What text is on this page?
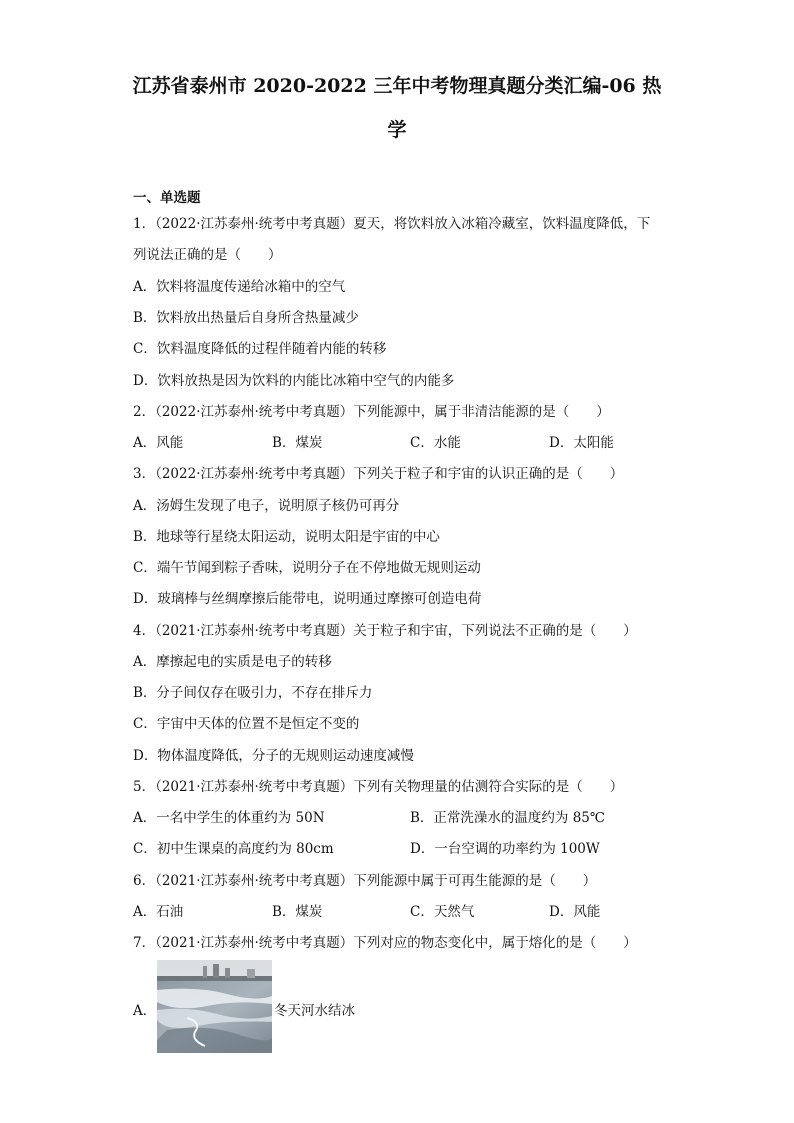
江苏省泰州市 2020-2022 三年中考物理真题分类汇编-06 热
学
一、单选题
1．（2022·江苏泰州·统考中考真题）夏天，将饮料放入冰箱冷藏室，饮料温度降低，下
列说法正确的是（　　）
A．饮料将温度传递给冰箱中的空气
B．饮料放出热量后自身所含热量减少
C．饮料温度降低的过程伴随着内能的转移
D．饮料放热是因为饮料的内能比冰箱中空气的内能多
2．（2022·江苏泰州·统考中考真题）下列能源中，属于非清洁能源的是（　　）
A．风能	B．煤炭	C．水能	D．太阳能
3．（2022·江苏泰州·统考中考真题）下列关于粒子和宇宙的认识正确的是（　　）
A．汤姆生发现了电子，说明原子核仍可再分
B．地球等行星绕太阳运动，说明太阳是宇宙的中心
C．端午节闻到粽子香味，说明分子在不停地做无规则运动
D．玻璃棒与丝绸摩擦后能带电，说明通过摩擦可创造电荷
4．（2021·江苏泰州·统考中考真题）关于粒子和宇宙，下列说法不正确的是（　　）
A．摩擦起电的实质是电子的转移
B．分子间仅存在吸引力，不存在排斥力
C．宇宙中天体的位置不是恒定不变的
D．物体温度降低，分子的无规则运动速度减慢
5．（2021·江苏泰州·统考中考真题）下列有关物理量的估测符合实际的是（　　）
A．一名中学生的体重约为 50N	B．正常洗澡水的温度约为 85℃
C．初中生课桌的高度约为 80cm	D．一台空调的功率约为 100W
6．（2021·江苏泰州·统考中考真题）下列能源中属于可再生能源的是（　　）
A．石油	B．煤炭	C．天然气	D．风能
7．（2021·江苏泰州·统考中考真题）下列对应的物态变化中，属于熔化的是（　　）
A．	冬天河水结冰
